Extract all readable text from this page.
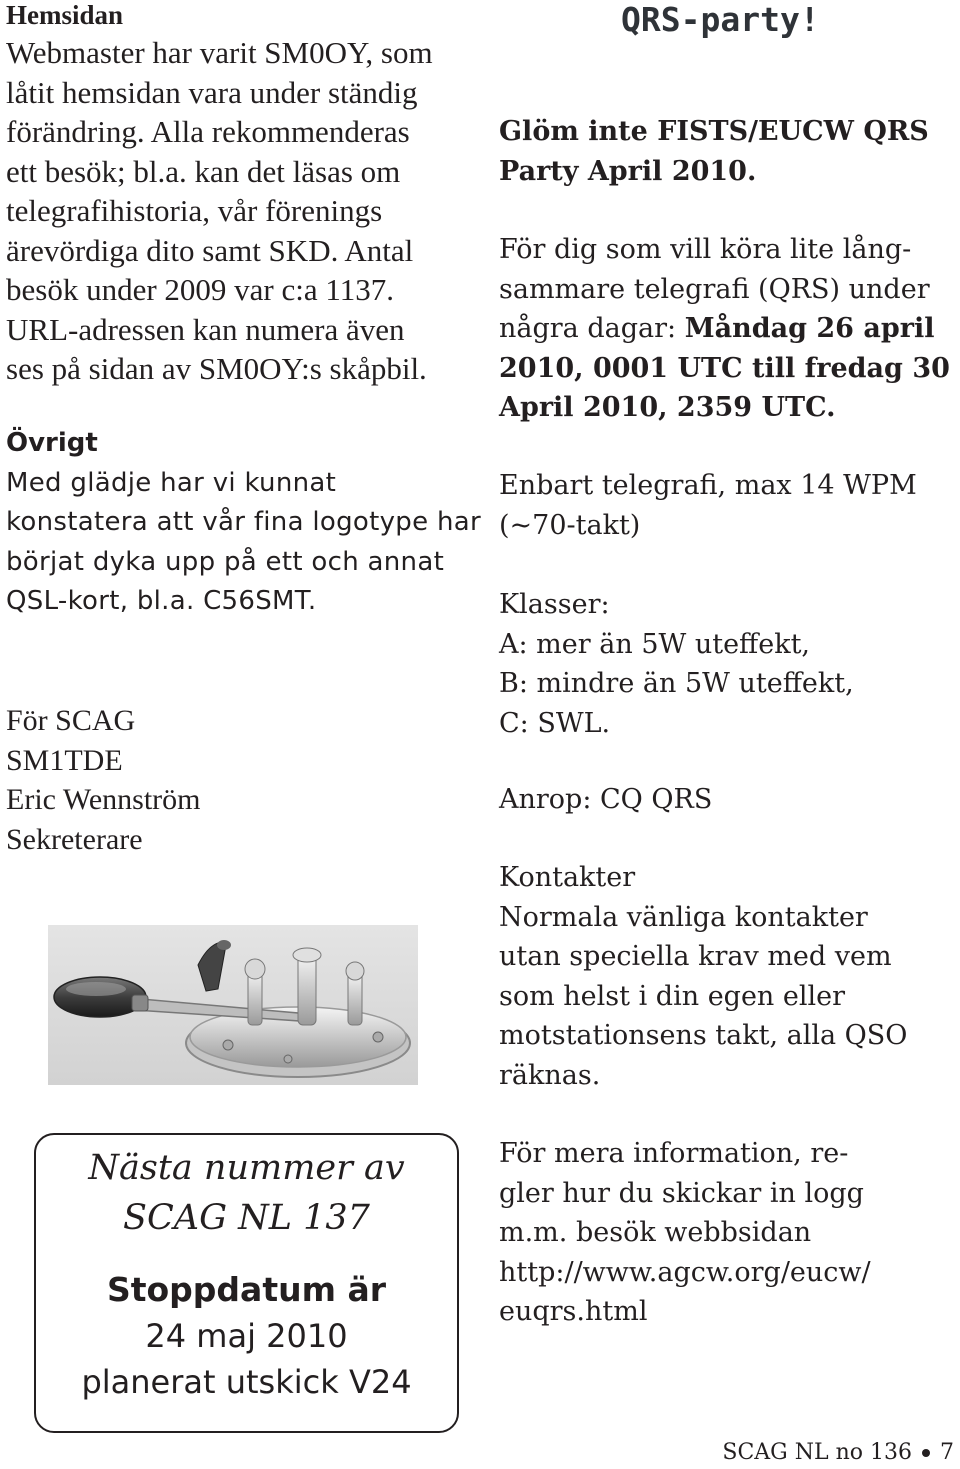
Hemsidan

Webmaster har varit SM0OY, som
låtit hemsidan vara under ständig
förändring. Alla rekommenderas
ett besök; bl.a. kan det läsas om
telegrafihistoria, vår förenings
ärevördiga dito samt SKD. Antal
besök under 2009 var c:a 1137.
URL-adressen kan numera även
ses på sidan av SM0OY:s skåpbil.

Övrigt

Med glädje har vi kunnat
konstatera att vår fina logotype har
börjat dyka upp på ett och annat
QSL-kort, bl.a. C56SMT.
För SCAG
SM1TDE
Eric Wennström
Sekreterare

Nästa nummer av

SCAG NL 137

Stoppdatum är

24 maj 2010

planerat utskick V24

QRS-party!

Glöm inte FISTS/EUCW QRS
Party April 2010.
För dig som vill köra lite lång-
sammare telegrafi (QRS) under
några dagar: Måndag 26 april
2010, 0001 UTC till fredag 30
April 2010, 2359 UTC.
Enbart telegrafi, max 14 WPM
(~70-takt)
Klasser:
A: mer än 5W uteffekt,
B: mindre än 5W uteffekt,
C: SWL.
Anrop: CQ QRS
Kontakter
Normala vänliga kontakter
utan speciella krav med vem
som helst i din egen eller
motstationsens takt, alla QSO
räknas.
För mera information, re-
gler hur du skickar in logg
m.m. besök webbsidan
http://www.agcw.org/eucw/
euqrs.html
SCAG NL no 136 7
